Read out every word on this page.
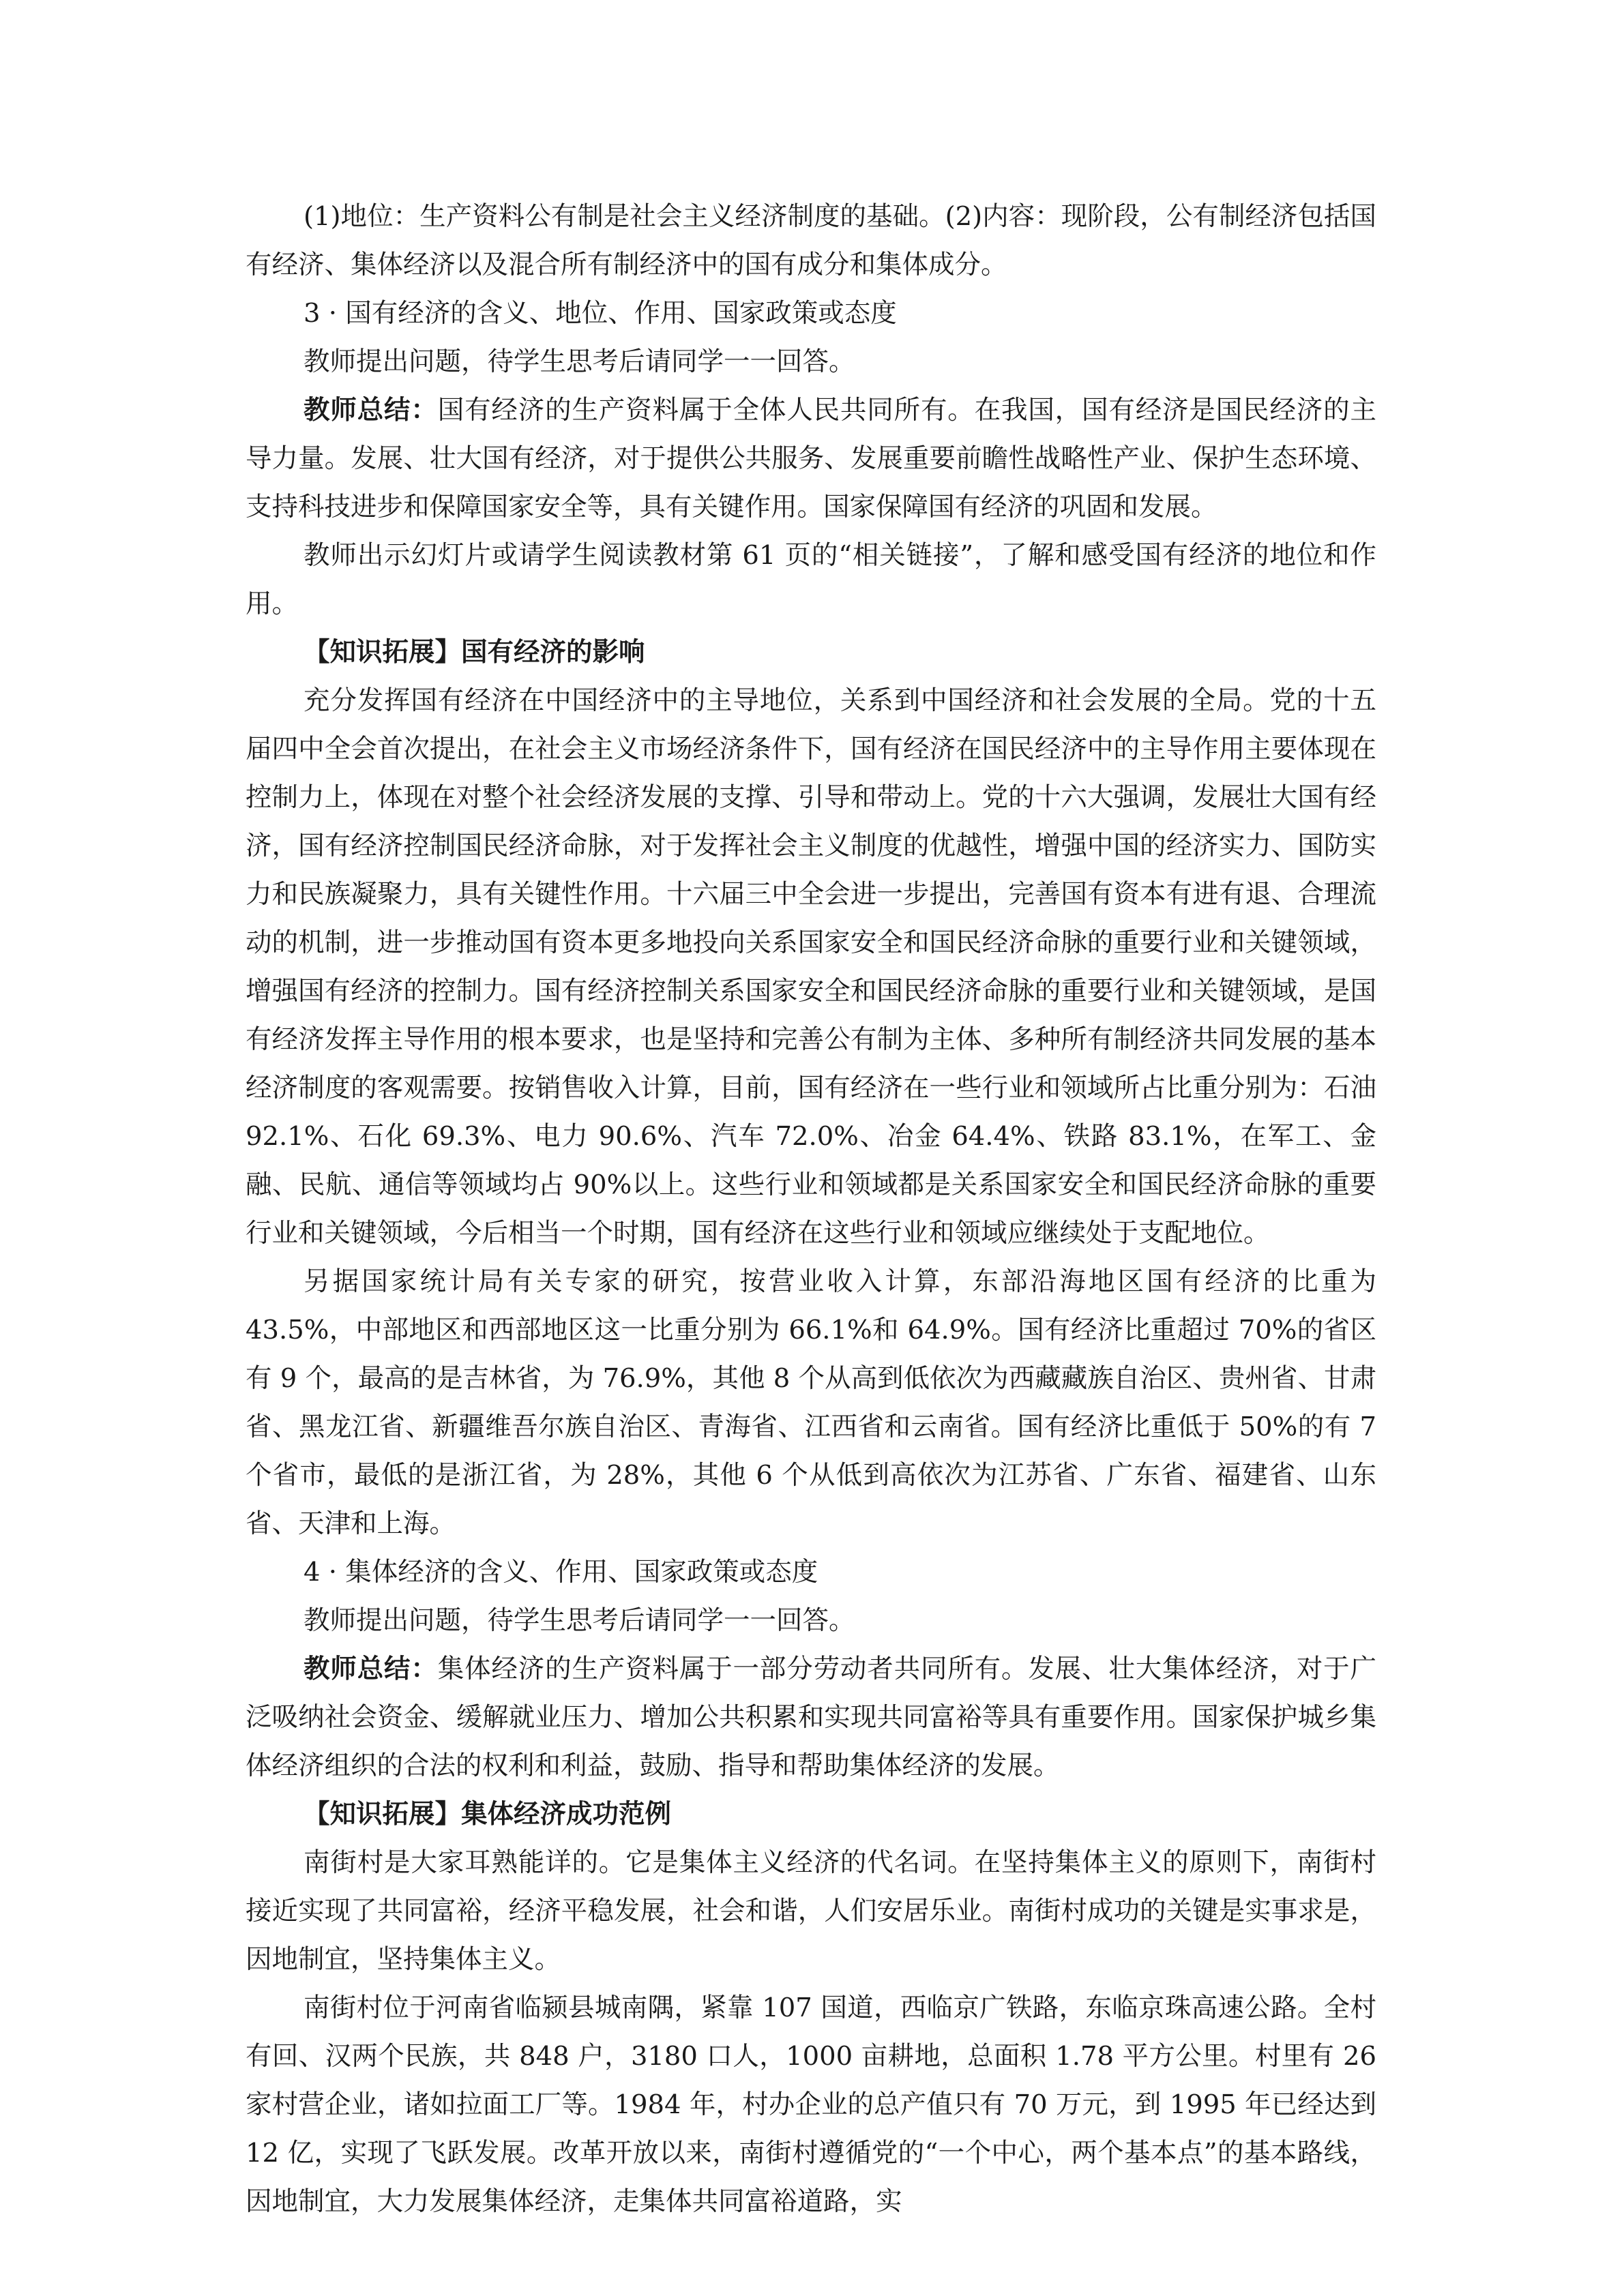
(1)地位：生产资料公有制是社会主义经济制度的基础。(2)内容：现阶段，公有制经济包括国有经济、集体经济以及混合所有制经济中的国有成分和集体成分。

3 · 国有经济的含义、地位、作用、国家政策或态度

教师提出问题，待学生思考后请同学一一回答。

教师总结：国有经济的生产资料属于全体人民共同所有。在我国，国有经济是国民经济的主导力量。发展、壮大国有经济，对于提供公共服务、发展重要前瞻性战略性产业、保护生态环境、支持科技进步和保障国家安全等，具有关键作用。国家保障国有经济的巩固和发展。

教师出示幻灯片或请学生阅读教材第 61 页的“相关链接”，了解和感受国有经济的地位和作用。

【知识拓展】国有经济的影响

充分发挥国有经济在中国经济中的主导地位，关系到中国经济和社会发展的全局。党的十五届四中全会首次提出，在社会主义市场经济条件下，国有经济在国民经济中的主导作用主要体现在控制力上，体现在对整个社会经济发展的支撑、引导和带动上。党的十六大强调，发展壮大国有经济，国有经济控制国民经济命脉，对于发挥社会主义制度的优越性，增强中国的经济实力、国防实力和民族凝聚力，具有关键性作用。十六届三中全会进一步提出，完善国有资本有进有退、合理流动的机制，进一步推动国有资本更多地投向关系国家安全和国民经济命脉的重要行业和关键领域，增强国有经济的控制力。国有经济控制关系国家安全和国民经济命脉的重要行业和关键领域，是国有经济发挥主导作用的根本要求，也是坚持和完善公有制为主体、多种所有制经济共同发展的基本经济制度的客观需要。按销售收入计算，目前，国有经济在一些行业和领域所占比重分别为：石油 92.1%、石化 69.3%、电力 90.6%、汽车 72.0%、冶金 64.4%、铁路 83.1%，在军工、金融、民航、通信等领域均占 90%以上。这些行业和领域都是关系国家安全和国民经济命脉的重要行业和关键领域，今后相当一个时期，国有经济在这些行业和领域应继续处于支配地位。

另据国家统计局有关专家的研究，按营业收入计算，东部沿海地区国有经济的比重为 43.5%，中部地区和西部地区这一比重分别为 66.1%和 64.9%。国有经济比重超过 70%的省区有 9 个，最高的是吉林省，为 76.9%，其他 8 个从高到低依次为西藏藏族自治区、贵州省、甘肃省、黑龙江省、新疆维吾尔族自治区、青海省、江西省和云南省。国有经济比重低于 50%的有 7 个省市，最低的是浙江省，为 28%，其他 6 个从低到高依次为江苏省、广东省、福建省、山东省、天津和上海。

4 · 集体经济的含义、作用、国家政策或态度

教师提出问题，待学生思考后请同学一一回答。

教师总结：集体经济的生产资料属于一部分劳动者共同所有。发展、壮大集体经济，对于广泛吸纳社会资金、缓解就业压力、增加公共积累和实现共同富裕等具有重要作用。国家保护城乡集体经济组织的合法的权利和利益，鼓励、指导和帮助集体经济的发展。

【知识拓展】集体经济成功范例

南街村是大家耳熟能详的。它是集体主义经济的代名词。在坚持集体主义的原则下，南街村接近实现了共同富裕，经济平稳发展，社会和谐，人们安居乐业。南街村成功的关键是实事求是，因地制宜，坚持集体主义。

南街村位于河南省临颍县城南隅，紧靠 107 国道，西临京广铁路，东临京珠高速公路。全村有回、汉两个民族，共 848 户，3180 口人，1000 亩耕地，总面积 1.78 平方公里。村里有 26 家村营企业，诸如拉面工厂等。1984 年，村办企业的总产值只有 70 万元，到 1995 年已经达到 12 亿，实现了飞跃发展。改革开放以来，南街村遵循党的“一个中心，两个基本点”的基本路线，因地制宜，大力发展集体经济，走集体共同富裕道路，实
